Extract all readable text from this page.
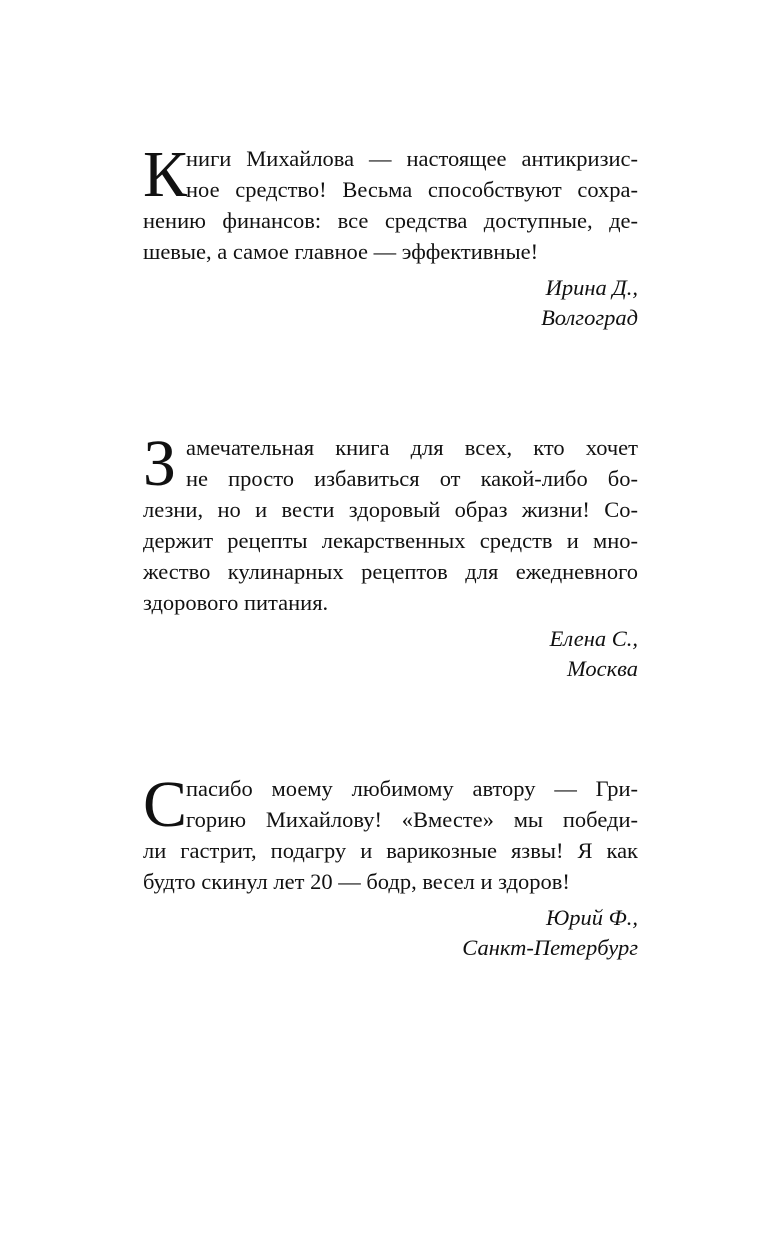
К
ниги Михайлова — настоящее антикризис-
ное средство! Весьма способствуют сохра-
нению финансов: все средства доступные, де-
шевые, а самое главное — эффективные!
Ирина Д.,
Волгоград
З амечательная книга для всех, кто хочет
не просто избавиться от какой-либо бо-
лезни, но и вести здоровый образ жизни! Со-
держит рецепты лекарственных средств и мно-
жество кулинарных рецептов для ежедневного
здорового питания.
Елена С.,
Москва
С
пасибо моему любимому автору — Гри-
горию Михайлову! «Вместе» мы победи-
ли гастрит, подагру и варикозные язвы! Я как
будто скинул лет 20 — бодр, весел и здоров!
Юрий Ф.,
Санкт-Петербург
